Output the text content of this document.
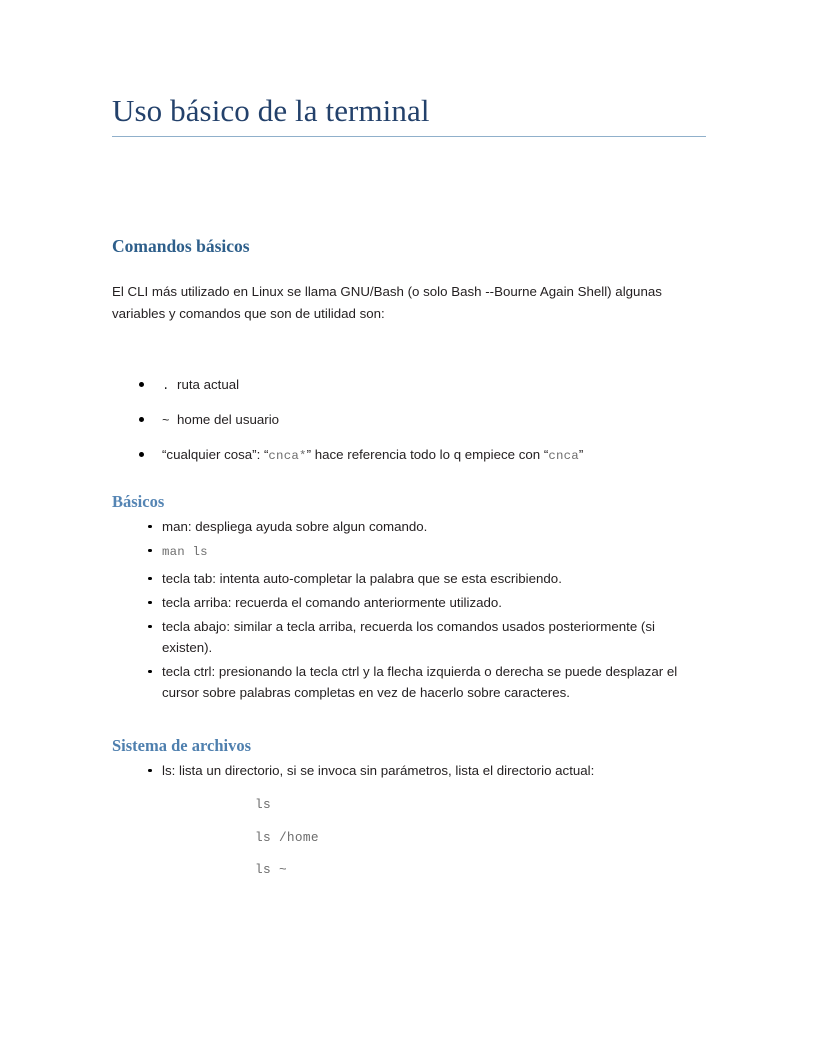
Uso básico de la terminal
Comandos básicos

El CLI más utilizado en Linux se llama GNU/Bash (o solo Bash --Bourne Again Shell) algunas variables y comandos que son de utilidad son:

. ruta actual
~ home del usuario
“cualquier cosa”: “cnca*” hace referencia todo lo q empiece con “cnca”
Básicos
man: despliega ayuda sobre algun comando.
man ls
tecla tab: intenta auto-completar la palabra que se esta escribiendo.
tecla arriba: recuerda el comando anteriormente utilizado.
tecla abajo: similar a tecla arriba, recuerda los comandos usados posteriormente (si existen).
tecla ctrl: presionando la tecla ctrl y la flecha izquierda o derecha se puede desplazar el cursor sobre palabras completas en vez de hacerlo sobre caracteres.
Sistema de archivos
ls: lista un directorio, si se invoca sin parámetros, lista el directorio actual:
ls
ls /home
ls ~
